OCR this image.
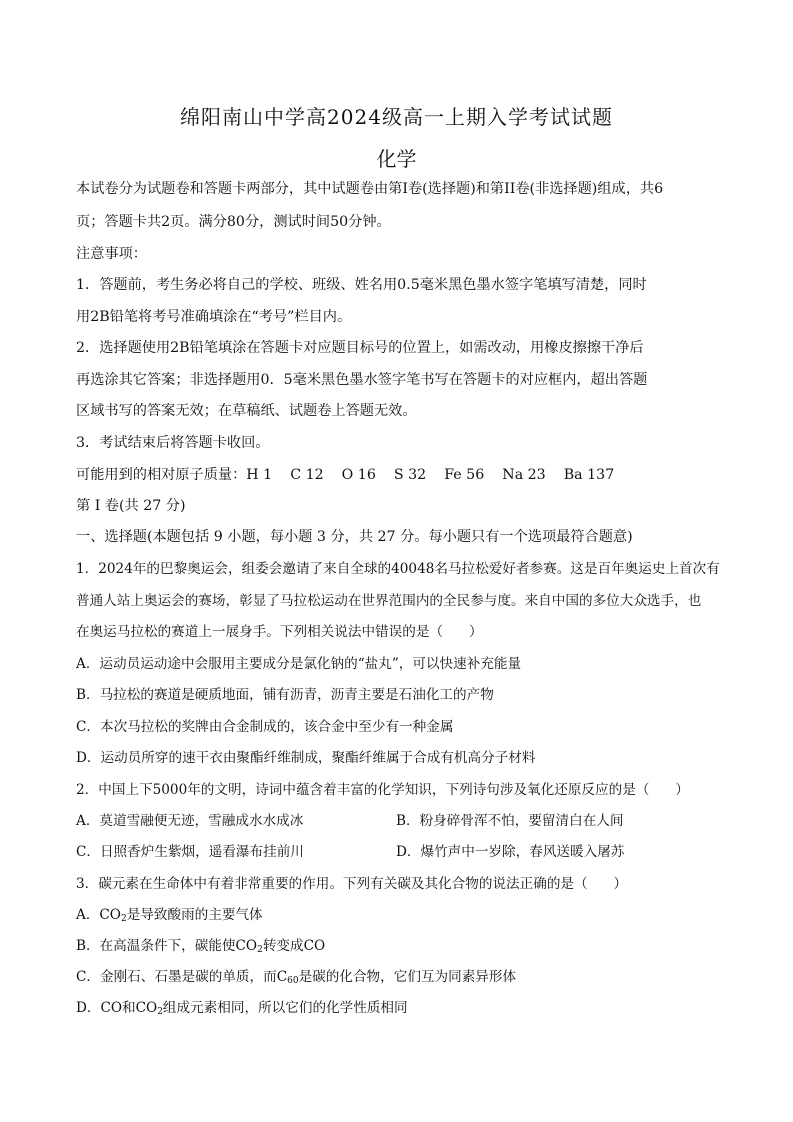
绵阳南山中学高2024级高一上期入学考试试题
化学
本试卷分为试题卷和答题卡两部分，其中试题卷由第I卷(选择题)和第II卷(非选择题)组成，共6
页；答题卡共2页。满分80分，测试时间50分钟。
注意事项：
1．答题前，考生务必将自己的学校、班级、姓名用0.5毫米黑色墨水签字笔填写清楚，同时
用2B铅笔将考号准确填涂在“考号”栏目内。
2．选择题使用2B铅笔填涂在答题卡对应题目标号的位置上，如需改动，用橡皮擦擦干净后
再选涂其它答案；非选择题用0．5毫米黑色墨水签字笔书写在答题卡的对应框内，超出答题
区域书写的答案无效；在草稿纸、试题卷上答题无效。
3．考试结束后将答题卡收回。
可能用到的相对原子质量：H 1    C 12    O 16    S 32    Fe 56    Na 23    Ba 137
第 I 卷(共 27 分)
一、选择题(本题包括 9 小题，每小题 3 分，共 27 分。每小题只有一个选项最符合题意)
1．2024年的巴黎奥运会，组委会邀请了来自全球的40048名马拉松爱好者参赛。这是百年奥运史上首次有
普通人站上奥运会的赛场，彰显了马拉松运动在世界范围内的全民参与度。来自中国的多位大众选手，也
在奥运马拉松的赛道上一展身手。下列相关说法中错误的是（      ）
A．运动员运动途中会服用主要成分是氯化钠的“盐丸”，可以快速补充能量
B．马拉松的赛道是硬质地面，铺有沥青，沥青主要是石油化工的产物
C．本次马拉松的奖牌由合金制成的，该合金中至少有一种金属
D．运动员所穿的速干衣由聚酯纤维制成，聚酯纤维属于合成有机高分子材料
2．中国上下5000年的文明，诗词中蕴含着丰富的化学知识，下列诗句涉及氧化还原反应的是（      ）
A．莫道雪融便无迹，雪融成水水成冰	B．粉身碎骨浑不怕，要留清白在人间
C．日照香炉生紫烟，遥看瀑布挂前川	D．爆竹声中一岁除，春风送暖入屠苏
3．碳元素在生命体中有着非常重要的作用。下列有关碳及其化合物的说法正确的是（      ）
A．$CO_2$是导致酸雨的主要气体
B．在高温条件下，碳能使$CO_2$转变成CO
C．金刚石、石墨是碳的单质，而$C_{60}$是碳的化合物，它们互为同素异形体
D．CO和$CO_2$组成元素相同，所以它们的化学性质相同
